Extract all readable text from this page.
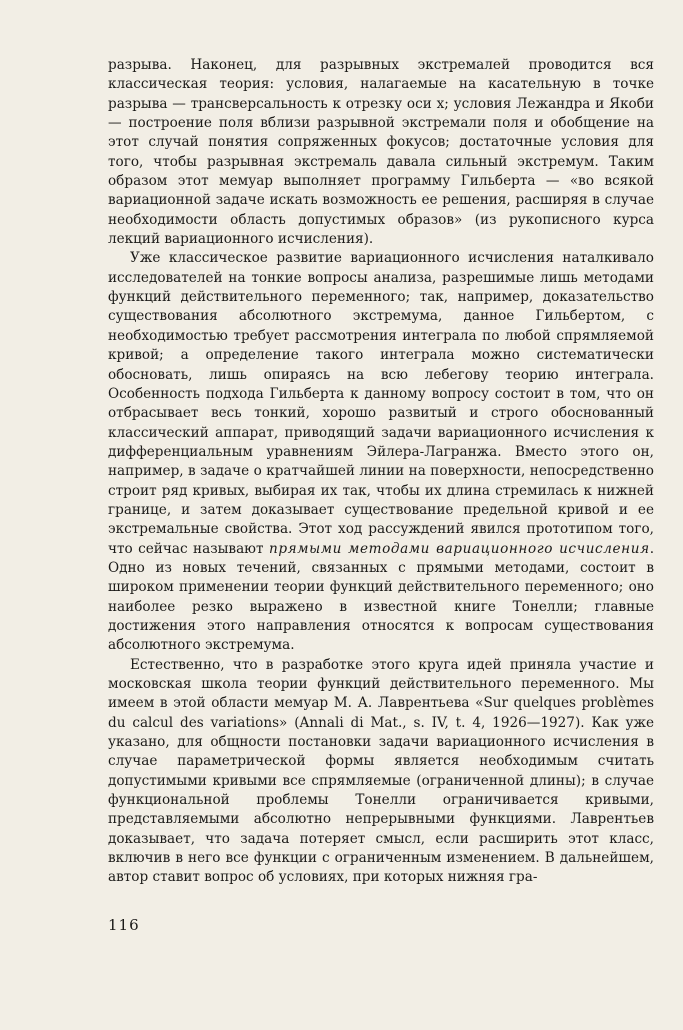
разрыва. Наконец, для разрывных экстремалей проводится вся классическая теория: условия, налагаемые на касательную в точке разрыва — трансверсальность к отрезку оси x; условия Лежандра и Якоби — построение поля вблизи разрывной экстремали поля и обобщение на этот случай понятия сопряженных фокусов; достаточные условия для того, чтобы разрывная экстремаль давала сильный экстремум. Таким образом этот мемуар выполняет программу Гильберта — «во всякой вариационной задаче искать возможность ее решения, расширяя в случае необходимости область допустимых образов» (из рукописного курса лекций вариационного исчисления).

Уже классическое развитие вариационного исчисления наталкивало исследователей на тонкие вопросы анализа, разрешимые лишь методами функций действительного переменного; так, например, доказательство существования абсолютного экстремума, данное Гильбертом, с необходимостью требует рассмотрения интеграла по любой спрямляемой кривой; а определение такого интеграла можно систематически обосновать, лишь опираясь на всю лебегову теорию интеграла. Особенность подхода Гильберта к данному вопросу состоит в том, что он отбрасывает весь тонкий, хорошо развитый и строго обоснованный классический аппарат, приводящий задачи вариационного исчисления к дифференциальным уравнениям Эйлера-Лагранжа. Вместо этого он, например, в задаче о кратчайшей линии на поверхности, непосредственно строит ряд кривых, выбирая их так, чтобы их длина стремилась к нижней границе, и затем доказывает существование предельной кривой и ее экстремальные свойства. Этот ход рассуждений явился прототипом того, что сейчас называют прямыми методами вариационного исчисления. Одно из новых течений, связанных с прямыми методами, состоит в широком применении теории функций действительного переменного; оно наиболее резко выражено в известной книге Тонелли; главные достижения этого направления относятся к вопросам существования абсолютного экстремума.

Естественно, что в разработке этого круга идей приняла участие и московская школа теории функций действительного переменного. Мы имеем в этой области мемуар М. А. Лаврентьева «Sur quelques problèmes du calcul des variations» (Annali di Mat., s. IV, t. 4, 1926—1927). Как уже указано, для общности постановки задачи вариационного исчисления в случае параметрической формы является необходимым считать допустимыми кривыми все спрямляемые (ограниченной длины); в случае функциональной проблемы Тонелли ограничивается кривыми, представляемыми абсолютно непрерывными функциями. Лаврентьев доказывает, что задача потеряет смысл, если расширить этот класс, включив в него все функции с ограниченным изменением. В дальнейшем, автор ставит вопрос об условиях, при которых нижняя гра-

116
